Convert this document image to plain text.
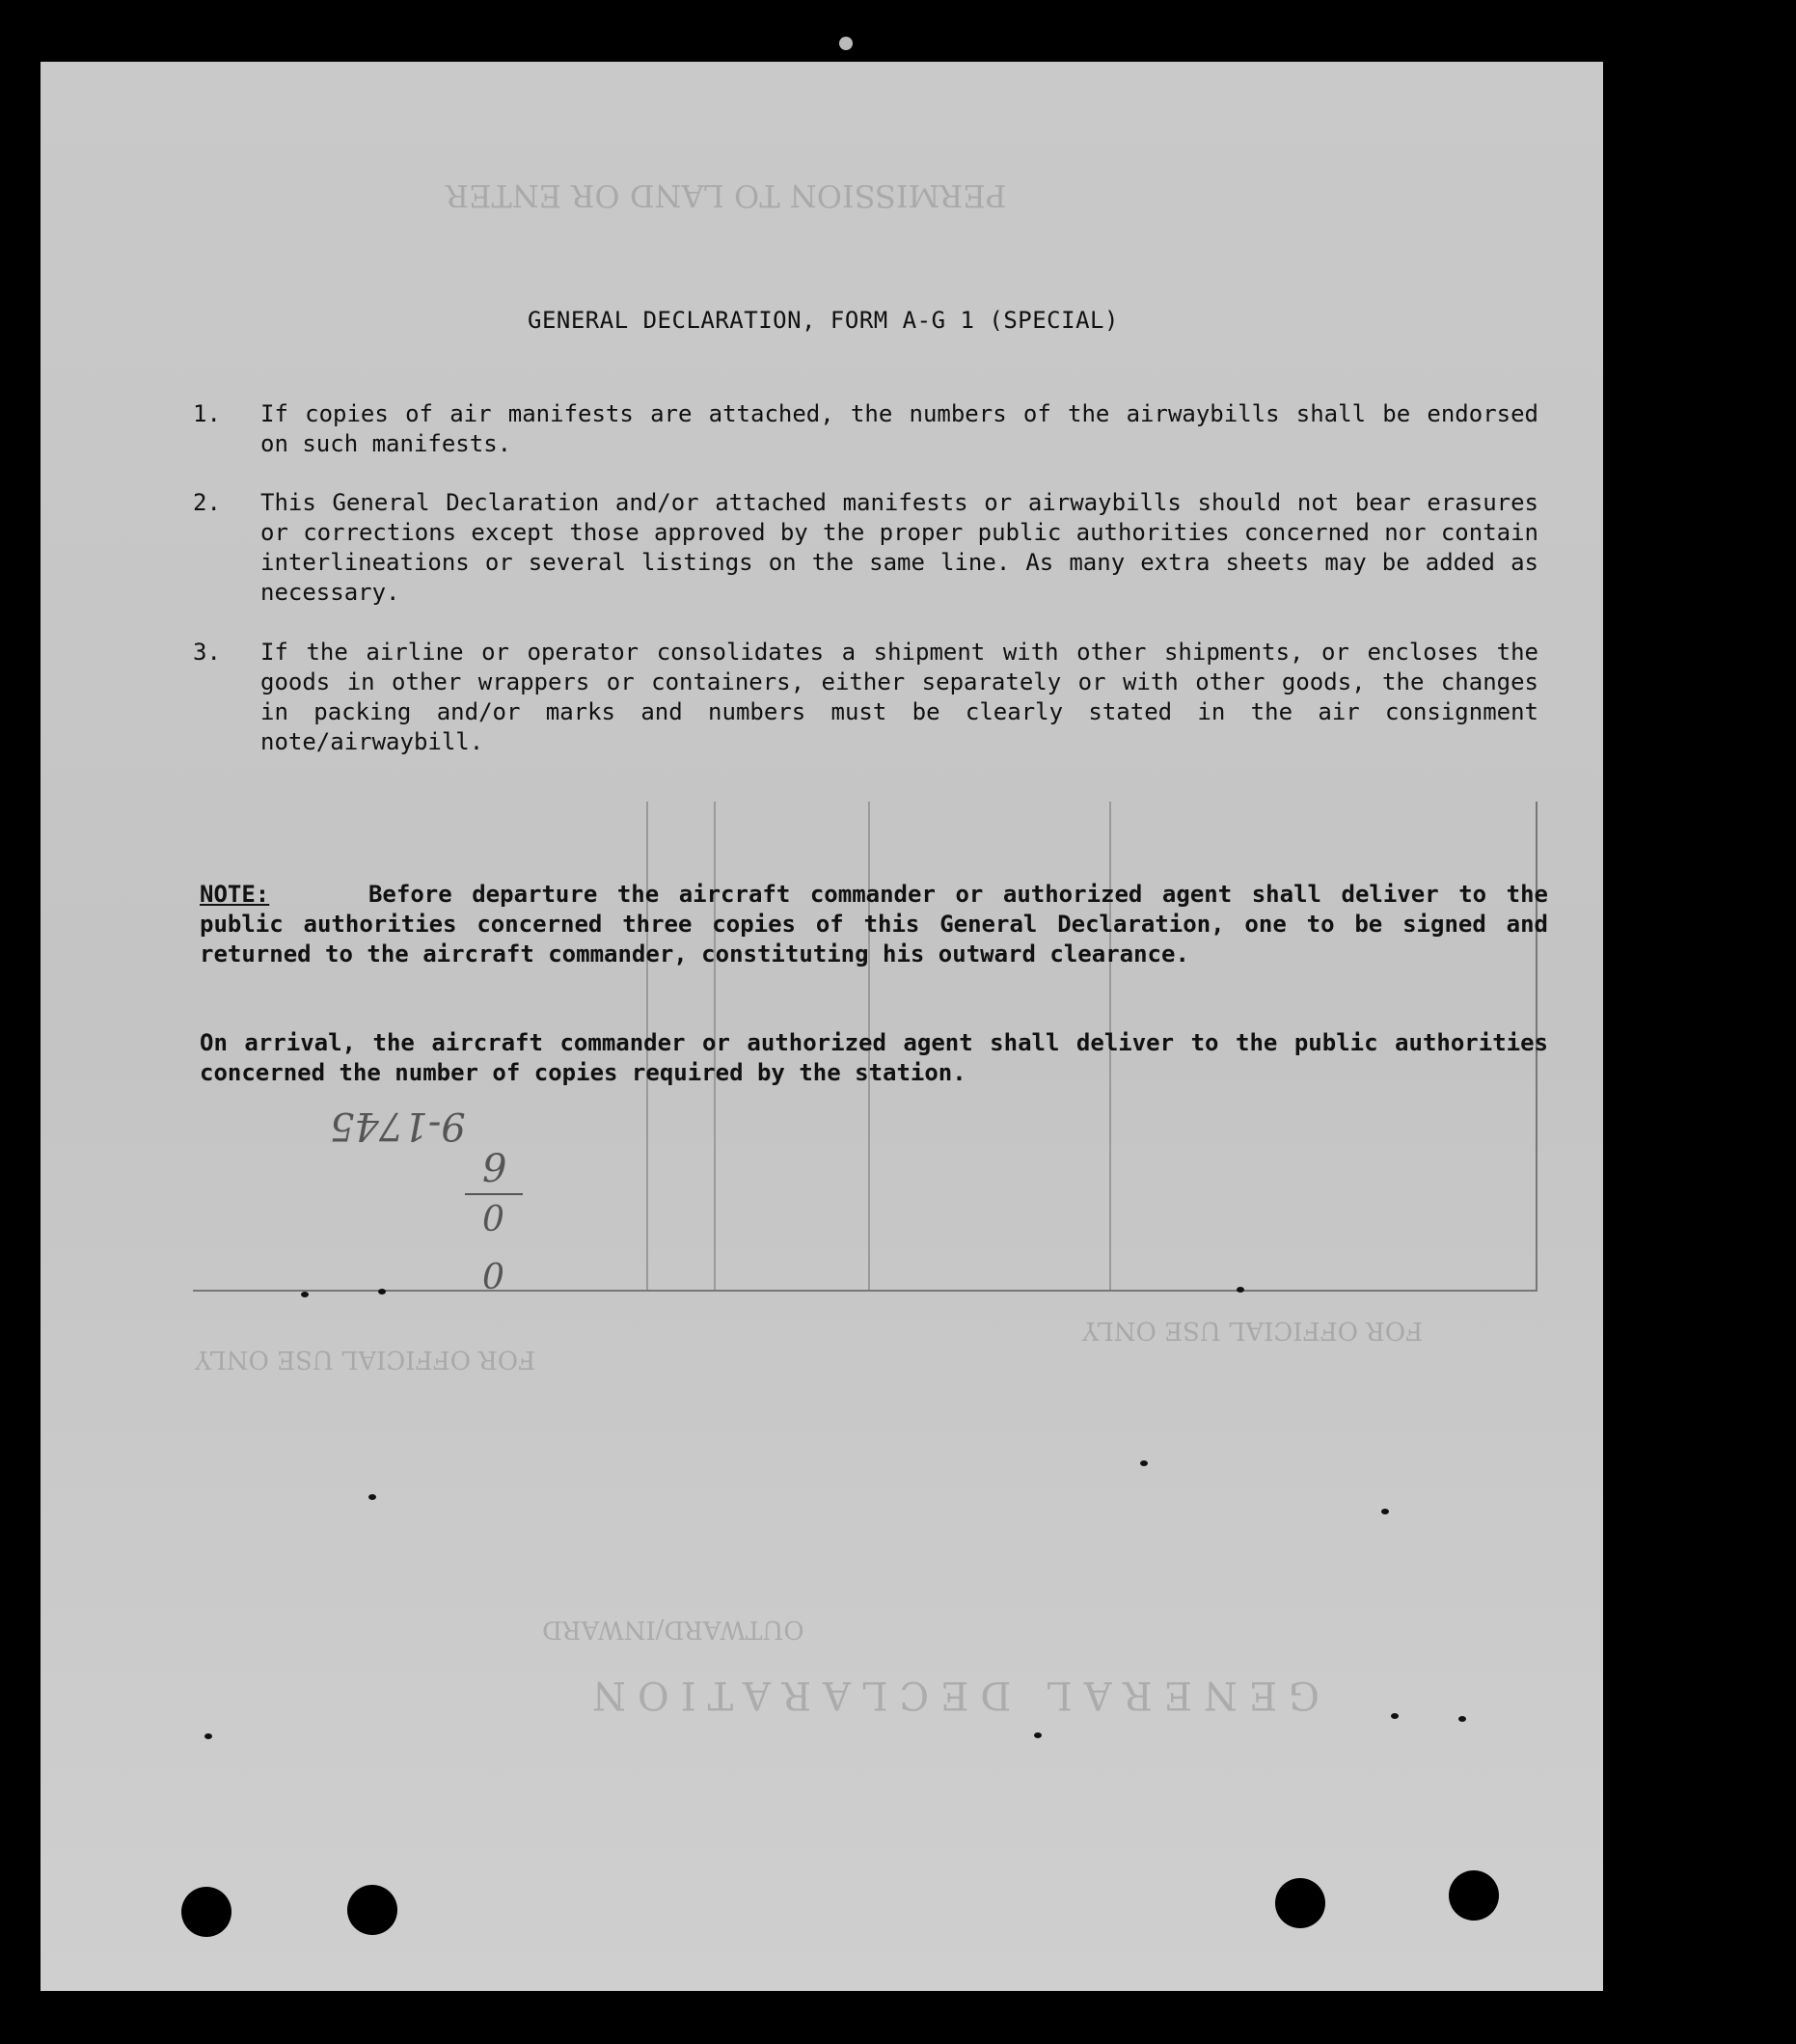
PERMISSION TO LAND OR ENTER
GENERAL DECLARATION
OUTWARD/INWARD
FOR OFFICIAL USE ONLY
FOR OFFICIAL USE ONLY
GENERAL DECLARATION, FORM A-G 1 (SPECIAL)
1. If copies of air manifests are attached, the numbers of the airwaybills shall be endorsed on such manifests.
2. This General Declaration and/or attached manifests or airwaybills should not bear erasures or corrections except those approved by the proper public authorities concerned nor contain interlineations or several listings on the same line. As many extra sheets may be added as necessary.
3. If the airline or operator consolidates a shipment with other shipments, or encloses the goods in other wrappers or containers, either separately or with other goods, the changes in packing and/or marks and numbers must be clearly stated in the air consignment note/airwaybill.
NOTE:	Before departure the aircraft commander or authorized agent shall deliver to the public authorities concerned three copies of this General Declaration, one to be signed and returned to the aircraft commander, constituting his outward clearance.
On arrival, the aircraft commander or authorized agent shall deliver to the public authorities concerned the number of copies required by the station.
9-1745
9
0
0
